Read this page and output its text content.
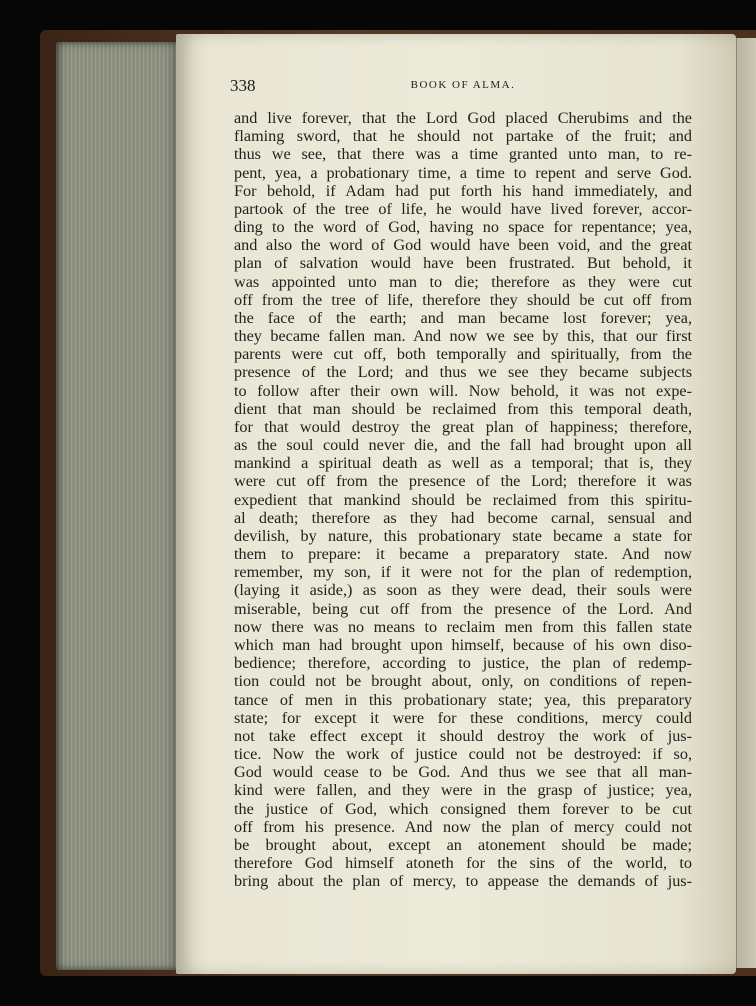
338	BOOK OF ALMA.
and live forever, that the Lord God placed Cherubims and the
flaming sword, that he should not partake of the fruit; and
thus we see, that there was a time granted unto man, to re-
pent, yea, a probationary time, a time to repent and serve God.
For behold, if Adam had put forth his hand immediately, and
partook of the tree of life, he would have lived forever, accor-
ding to the word of God, having no space for repentance; yea,
and also the word of God would have been void, and the great
plan of salvation would have been frustrated. But behold, it
was appointed unto man to die; therefore as they were cut
off from the tree of life, therefore they should be cut off from
the face of the earth; and man became lost forever; yea,
they became fallen man. And now we see by this, that our first
parents were cut off, both temporally and spiritually, from the
presence of the Lord; and thus we see they became subjects
to follow after their own will. Now behold, it was not expe-
dient that man should be reclaimed from this temporal death,
for that would destroy the great plan of happiness; therefore,
as the soul could never die, and the fall had brought upon all
mankind a spiritual death as well as a temporal; that is, they
were cut off from the presence of the Lord; therefore it was
expedient that mankind should be reclaimed from this spiritu-
al death; therefore as they had become carnal, sensual and
devilish, by nature, this probationary state became a state for
them to prepare: it became a preparatory state. And now
remember, my son, if it were not for the plan of redemption,
(laying it aside,) as soon as they were dead, their souls were
miserable, being cut off from the presence of the Lord. And
now there was no means to reclaim men from this fallen state
which man had brought upon himself, because of his own diso-
bedience; therefore, according to justice, the plan of redemp-
tion could not be brought about, only, on conditions of repen-
tance of men in this probationary state; yea, this preparatory
state; for except it were for these conditions, mercy could
not take effect except it should destroy the work of jus-
tice. Now the work of justice could not be destroyed: if so,
God would cease to be God. And thus we see that all man-
kind were fallen, and they were in the grasp of justice; yea,
the justice of God, which consigned them forever to be cut
off from his presence. And now the plan of mercy could not
be brought about, except an atonement should be made;
therefore God himself atoneth for the sins of the world, to
bring about the plan of mercy, to appease the demands of jus-
